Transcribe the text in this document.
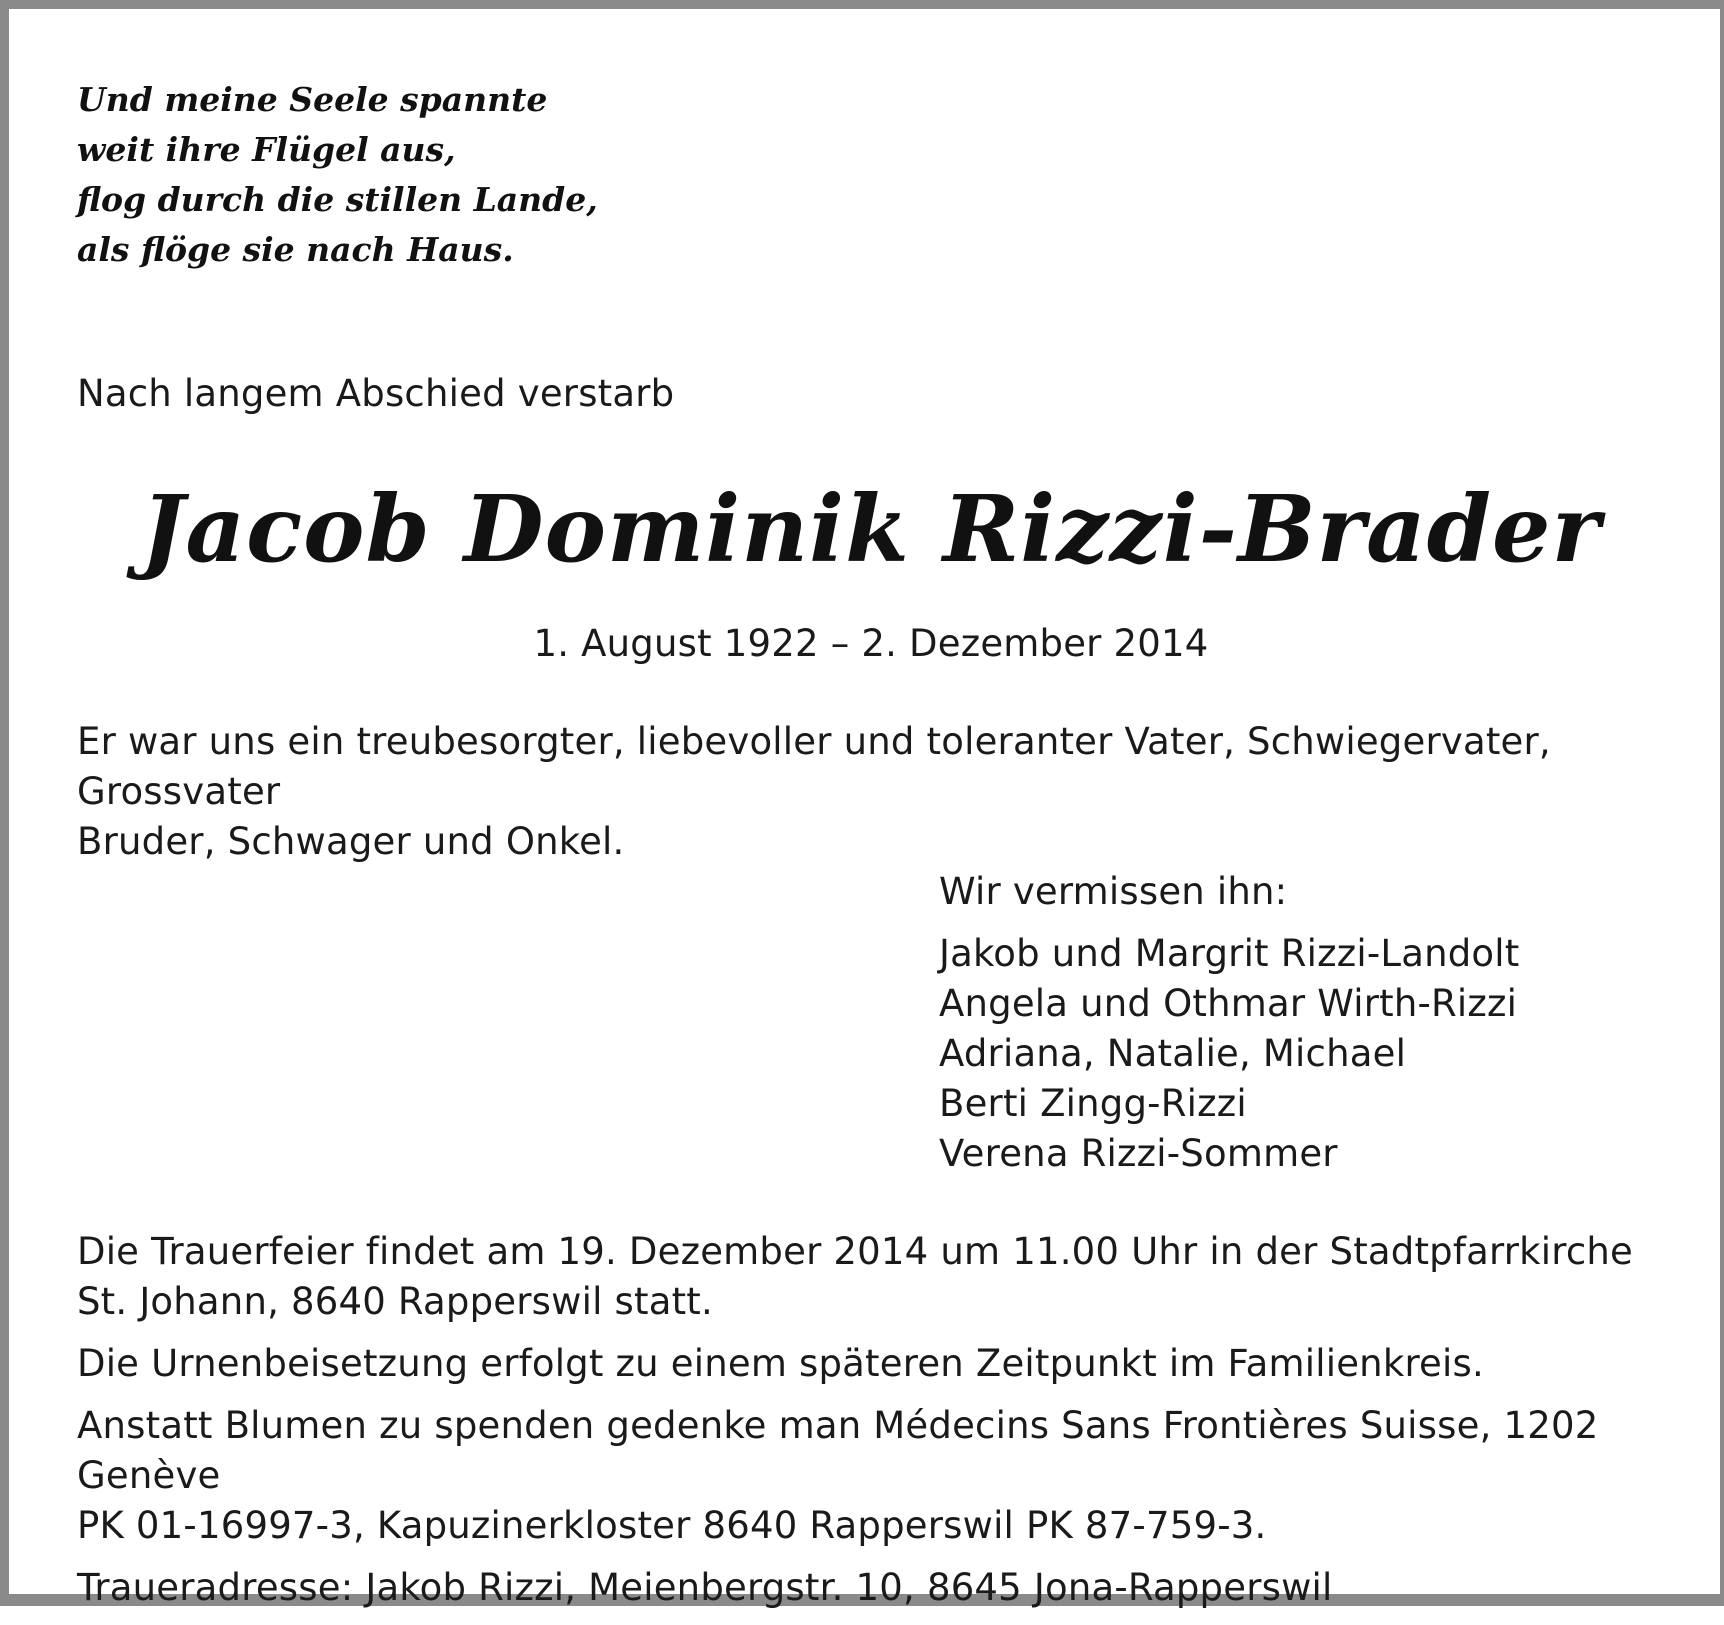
Und meine Seele spannte
weit ihre Flügel aus,
flog durch die stillen Lande,
als flöge sie nach Haus.
Nach langem Abschied verstarb
Jacob Dominik Rizzi-Brader
1. August 1922 – 2. Dezember 2014
Er war uns ein treubesorgter, liebevoller und toleranter Vater, Schwiegervater, Grossvater
Bruder, Schwager und Onkel.
Wir vermissen ihn:
Jakob und Margrit Rizzi-Landolt
Angela und Othmar Wirth-Rizzi
Adriana, Natalie, Michael
Berti Zingg-Rizzi
Verena Rizzi-Sommer

Die Trauerfeier findet am 19. Dezember 2014 um 11.00 Uhr in der Stadtpfarrkirche
St. Johann, 8640 Rapperswil statt.

Die Urnenbeisetzung erfolgt zu einem späteren Zeitpunkt im Familienkreis.

Anstatt Blumen zu spenden gedenke man Médecins Sans Frontières Suisse, 1202 Genève
PK 01-16997-3, Kapuzinerkloster 8640 Rapperswil PK 87-759-3.

Traueradresse: Jakob Rizzi, Meienbergstr. 10, 8645 Jona-Rapperswil
